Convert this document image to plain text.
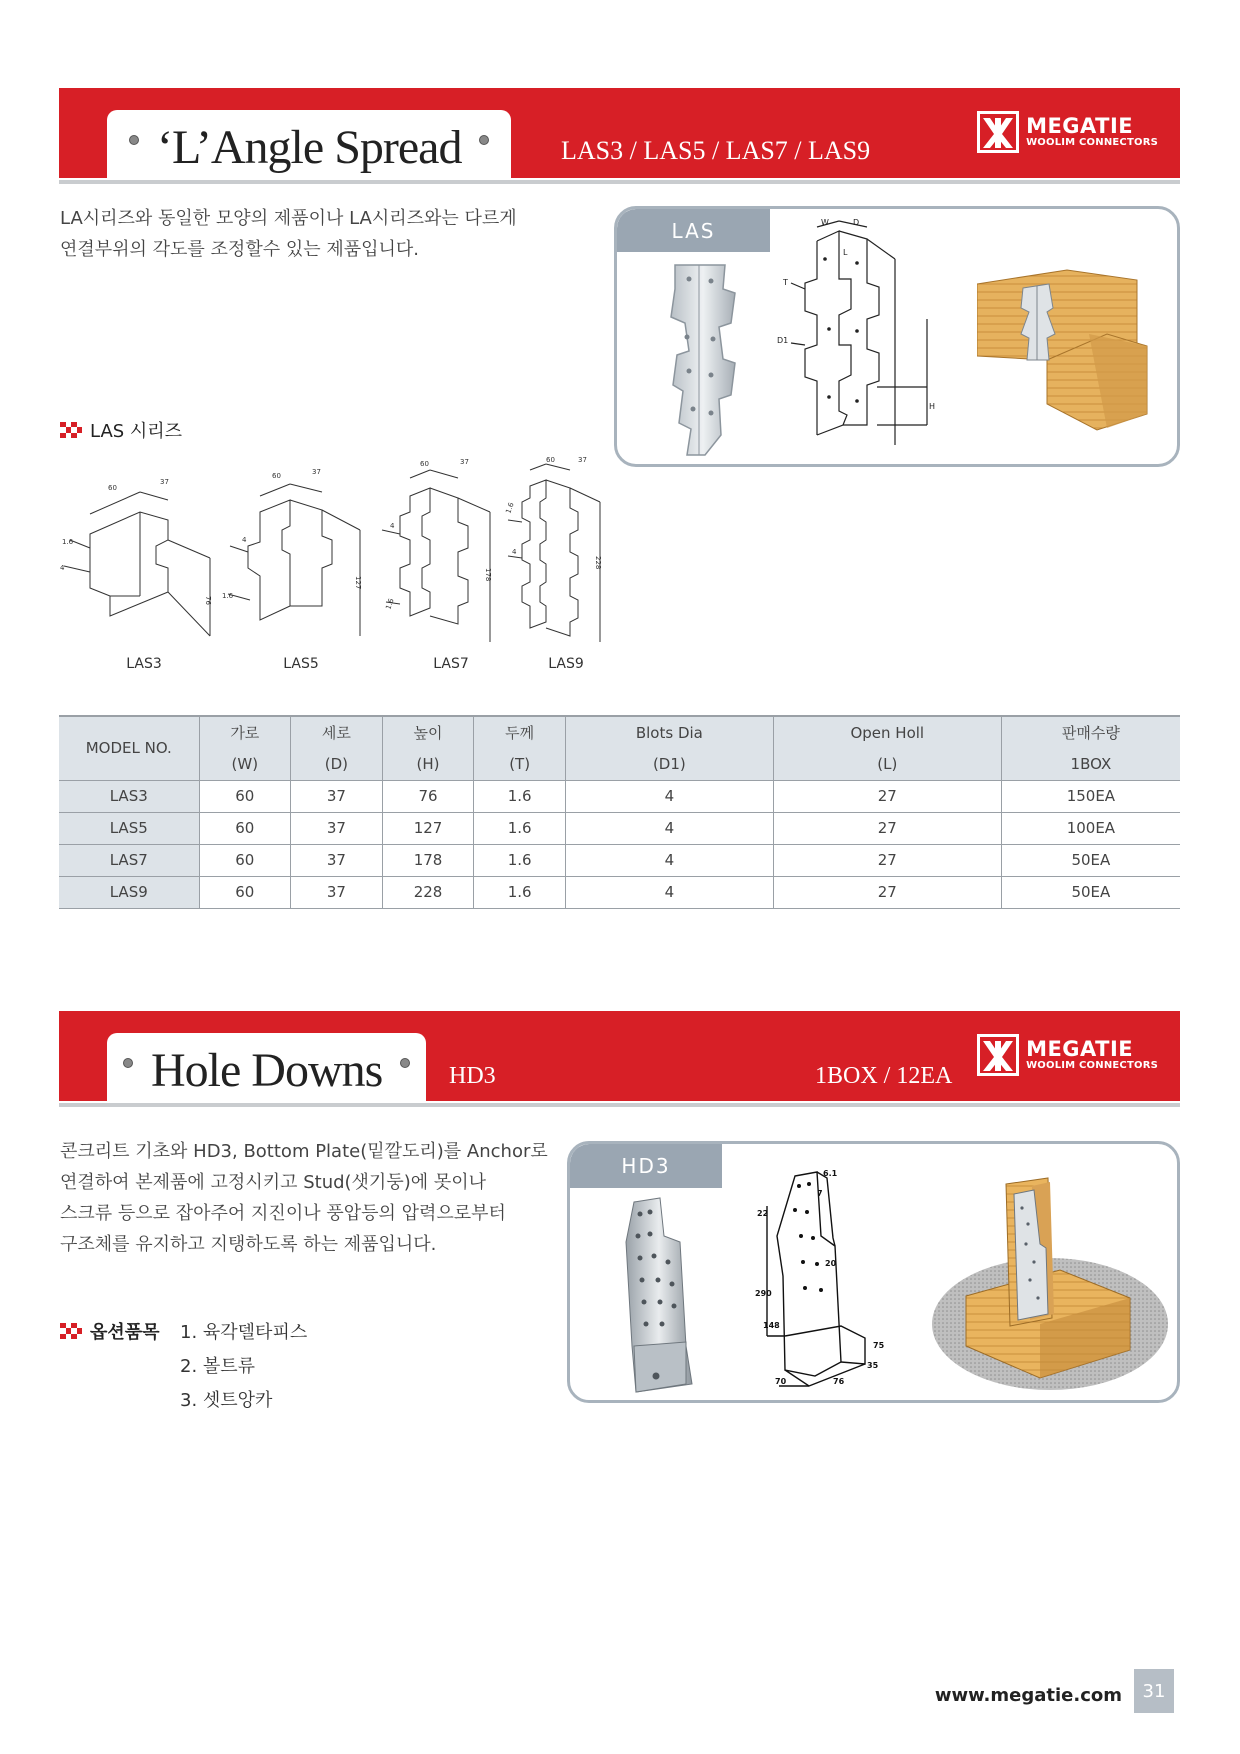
‘L’Angle Spread	LAS3 / LAS5 / LAS7 / LAS9
MEGATIE
WOOLIM CONNECTORS

LA시리즈와 동일한 모양의 제품이나 LA시리즈와는 다르게

연결부위의 각도를 조정할수 있는 제품입니다.

LAS	W	D
T
D1
L
H
LAS 시리즈
60
37
1.6
4
76
60	37
4
1.6
127
60	37
4
1.6
178
60	37
1.6
4
228
LAS3	LAS5	LAS7	LAS9
MODEL NO.	가로	세로	높이	두께	Blots Dia	Open Holl	판매수량
	(W)	(D)	(H)	(T)	(D1)	(L)	1BOX
LAS3	60	37	76	1.6	4	27	150EA
LAS5	60	37	127	1.6	4	27	100EA
LAS7	60	37	178	1.6	4	27	50EA
LAS9	60	37	228	1.6	4	27	50EA
Hole Downs	HD3	1BOX / 12EA
MEGATIE
WOOLIM CONNECTORS

콘크리트 기초와 HD3, Bottom Plate(밑깔도리)를 Anchor로

연결하여 본제품에 고정시키고 Stud(샛기둥)에 못이나

스크류 등으로 잡아주어 지진이나 풍압등의 압력으로부터

구조체를 유지하고 지탱하도록 하는 제품입니다.

HD3	6.1
7
22
20
290
148
75
35
70	76
옵션품목 1. 육각델타피스
2. 볼트류
3. 셋트앙카
www.megatie.com	31
